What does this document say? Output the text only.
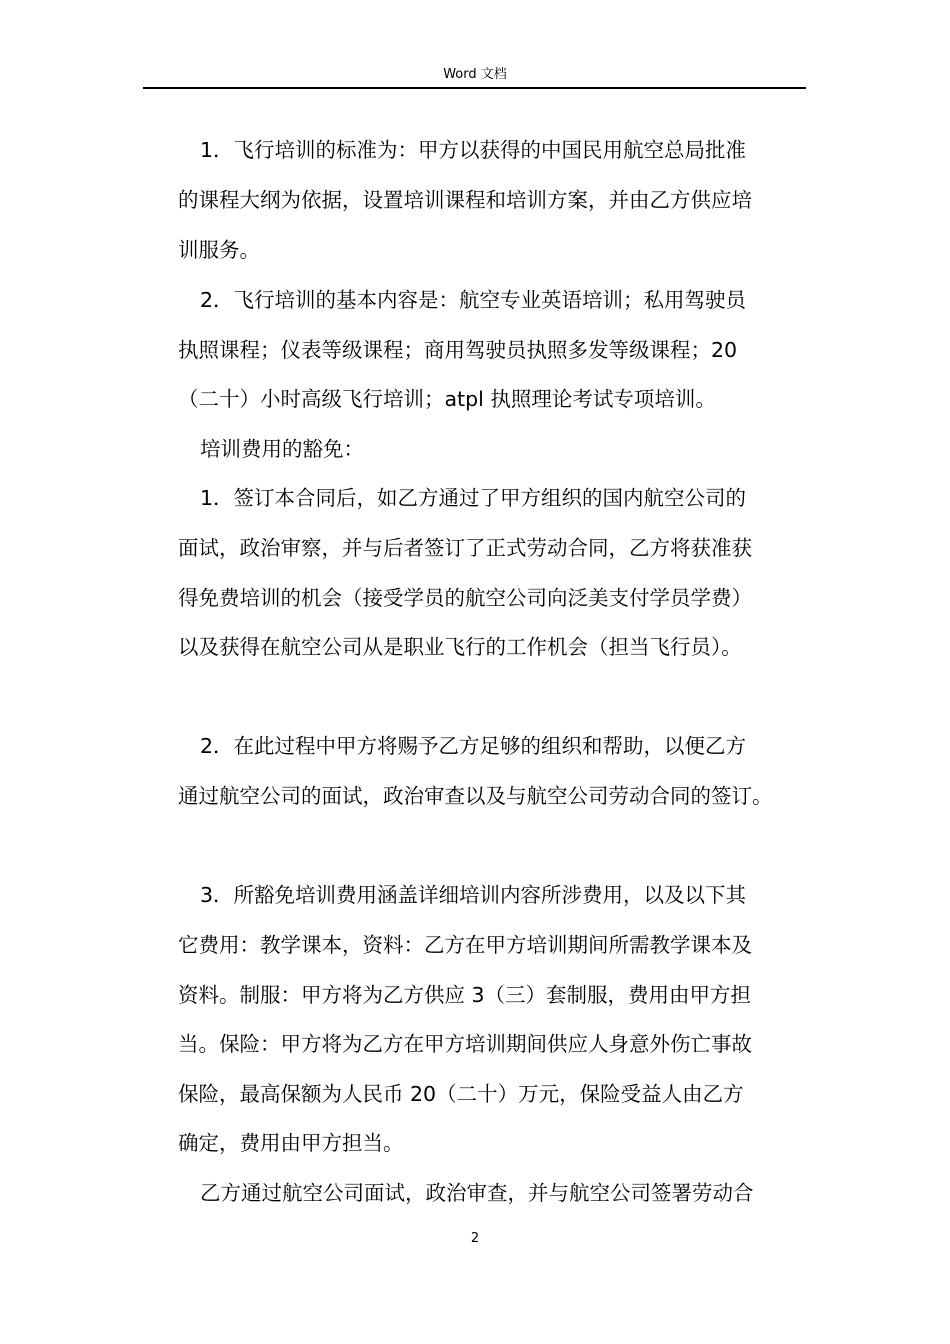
Word 文档
1．飞行培训的标准为：甲方以获得的中国民用航空总局批准
的课程大纲为依据，设置培训课程和培训方案，并由乙方供应培
训服务。
2．飞行培训的基本内容是：航空专业英语培训；私用驾驶员
执照课程；仪表等级课程；商用驾驶员执照多发等级课程；20
（二十）小时高级飞行培训；atpl 执照理论考试专项培训。
培训费用的豁免：
1．签订本合同后，如乙方通过了甲方组织的国内航空公司的
面试，政治审察，并与后者签订了正式劳动合同，乙方将获准获
得免费培训的机会（接受学员的航空公司向泛美支付学员学费）
以及获得在航空公司从是职业飞行的工作机会（担当飞行员）。
2．在此过程中甲方将赐予乙方足够的组织和帮助，以便乙方
通过航空公司的面试，政治审查以及与航空公司劳动合同的签订。
3．所豁免培训费用涵盖详细培训内容所涉费用，以及以下其
它费用：教学课本，资料：乙方在甲方培训期间所需教学课本及
资料。制服：甲方将为乙方供应 3（三）套制服，费用由甲方担
当。保险：甲方将为乙方在甲方培训期间供应人身意外伤亡事故
保险，最高保额为人民币 20（二十）万元，保险受益人由乙方
确定，费用由甲方担当。
乙方通过航空公司面试，政治审查，并与航空公司签署劳动合
2
